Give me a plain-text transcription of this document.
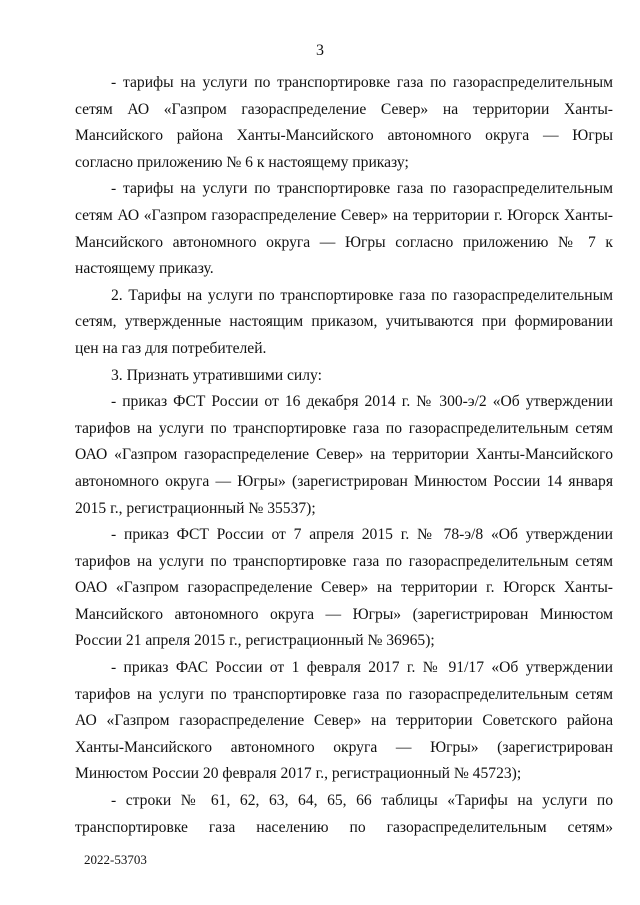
3

- тарифы на услуги по транспортировке газа по газораспределительным сетям АО «Газпром газораспределение Север» на территории Ханты-Мансийского района Ханты-Мансийского автономного округа — Югры согласно приложению № 6 к настоящему приказу;

- тарифы на услуги по транспортировке газа по газораспределительным сетям АО «Газпром газораспределение Север» на территории г. Югорск Ханты-Мансийского автономного округа — Югры согласно приложению № 7 к настоящему приказу.

2. Тарифы на услуги по транспортировке газа по газораспределительным сетям, утвержденные настоящим приказом, учитываются при формировании цен на газ для потребителей.

3. Признать утратившими силу:

- приказ ФСТ России от 16 декабря 2014 г. № 300-э/2 «Об утверждении тарифов на услуги по транспортировке газа по газораспределительным сетям ОАО «Газпром газораспределение Север» на территории Ханты-Мансийского автономного округа — Югры» (зарегистрирован Минюстом России 14 января 2015 г., регистрационный № 35537);

- приказ ФСТ России от 7 апреля 2015 г. № 78-э/8 «Об утверждении тарифов на услуги по транспортировке газа по газораспределительным сетям ОАО «Газпром газораспределение Север» на территории г. Югорск Ханты-Мансийского автономного округа — Югры» (зарегистрирован Минюстом России 21 апреля 2015 г., регистрационный № 36965);

- приказ ФАС России от 1 февраля 2017 г. № 91/17 «Об утверждении тарифов на услуги по транспортировке газа по газораспределительным сетям АО «Газпром газораспределение Север» на территории Советского района Ханты-Мансийского автономного округа — Югры» (зарегистрирован Минюстом России 20 февраля 2017 г., регистрационный № 45723);

- строки № 61, 62, 63, 64, 65, 66 таблицы «Тарифы на услуги по транспортировке газа населению по газораспределительным сетям»

2022-53703
